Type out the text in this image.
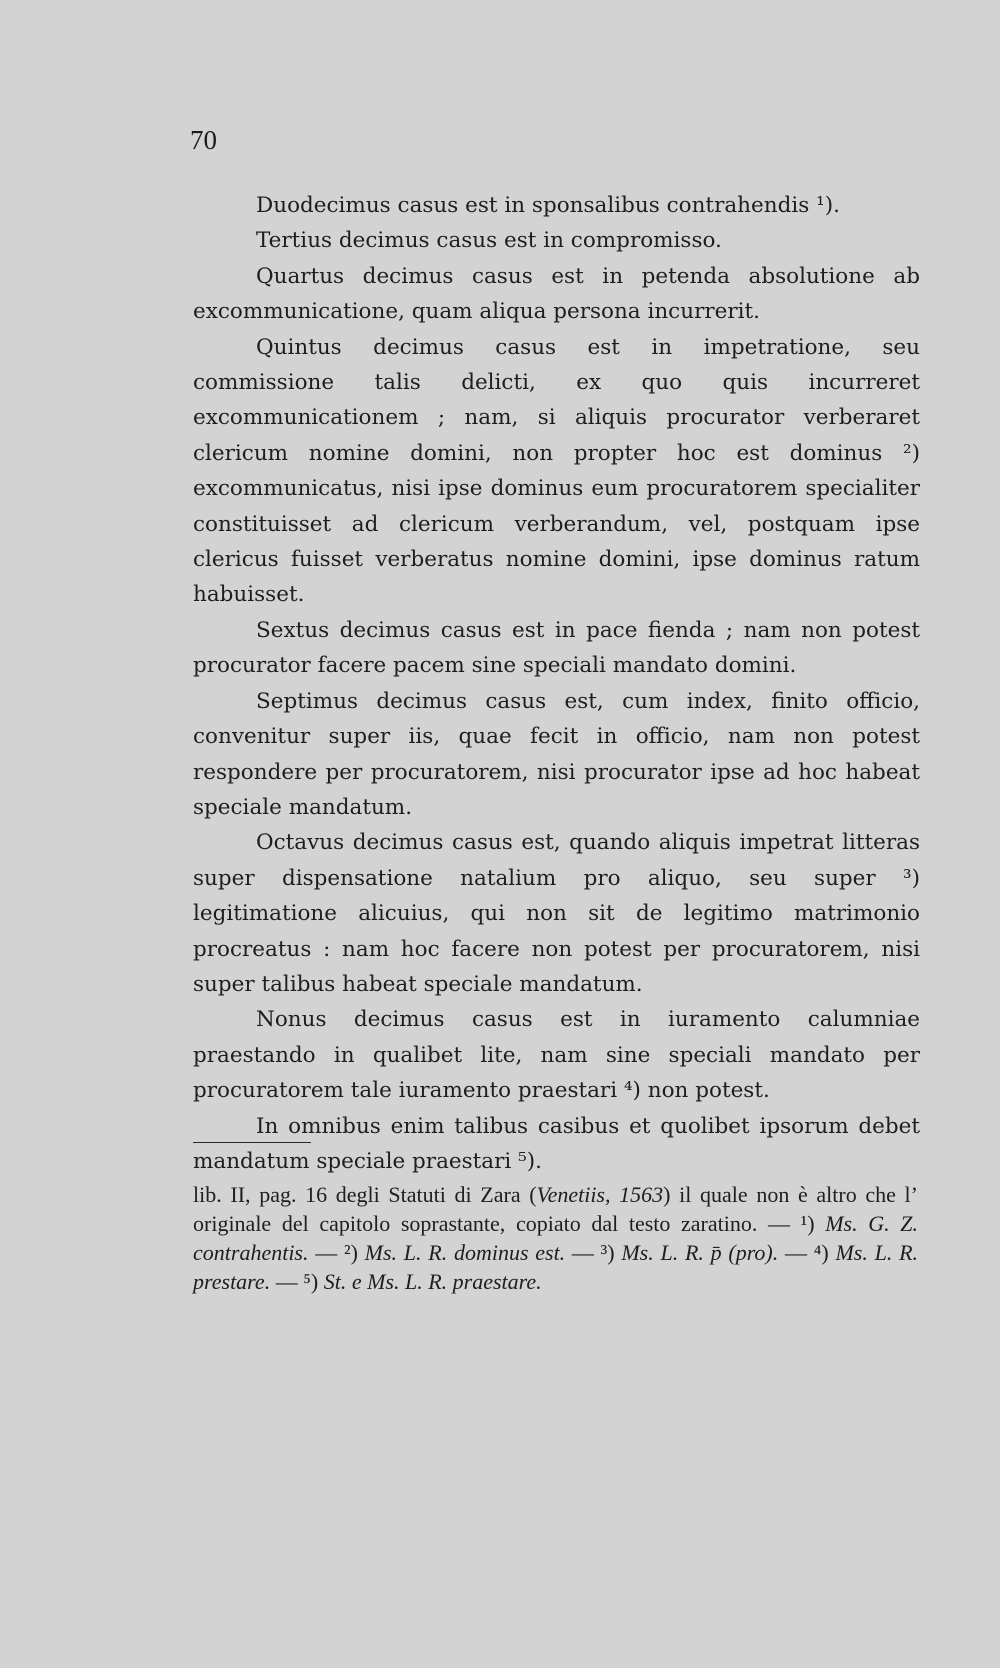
70

Duodecimus casus est in sponsalibus contrahendis ¹).

Tertius decimus casus est in compromisso.

Quartus decimus casus est in petenda absolutione ab excommunicatione, quam aliqua persona incurrerit.

Quintus decimus casus est in impetratione, seu commissione talis delicti, ex quo quis incurreret excommunicationem ; nam, si aliquis procurator verberaret clericum nomine domini, non propter hoc est dominus ²) excommunicatus, nisi ipse dominus eum procuratorem specialiter constituisset ad clericum verberandum, vel, postquam ipse clericus fuisset verberatus nomine domini, ipse dominus ratum habuisset.

Sextus decimus casus est in pace fienda ; nam non potest procurator facere pacem sine speciali mandato domini.

Septimus decimus casus est, cum index, finito officio, convenitur super iis, quae fecit in officio, nam non potest respondere per procuratorem, nisi procurator ipse ad hoc habeat speciale mandatum.

Octavus decimus casus est, quando aliquis impetrat litteras super dispensatione natalium pro aliquo, seu super ³) legitimatione alicuius, qui non sit de legitimo matrimonio procreatus : nam hoc facere non potest per procuratorem, nisi super talibus habeat speciale mandatum.

Nonus decimus casus est in iuramento calumniae praestando in qualibet lite, nam sine speciali mandato per procuratorem tale iuramento praestari ⁴) non potest.

In omnibus enim talibus casibus et quolibet ipsorum debet mandatum speciale praestari ⁵).

lib. II, pag. 16 degli Statuti di Zara (Venetiis, 1563) il quale non è altro che l’ originale del capitolo soprastante, copiato dal testo zaratino. — ¹) Ms. G. Z. contrahentis. — ²) Ms. L. R. dominus est. — ³) Ms. L. R. p̄ (pro). — ⁴) Ms. L. R. prestare. — ⁵) St. e Ms. L. R. praestare.
